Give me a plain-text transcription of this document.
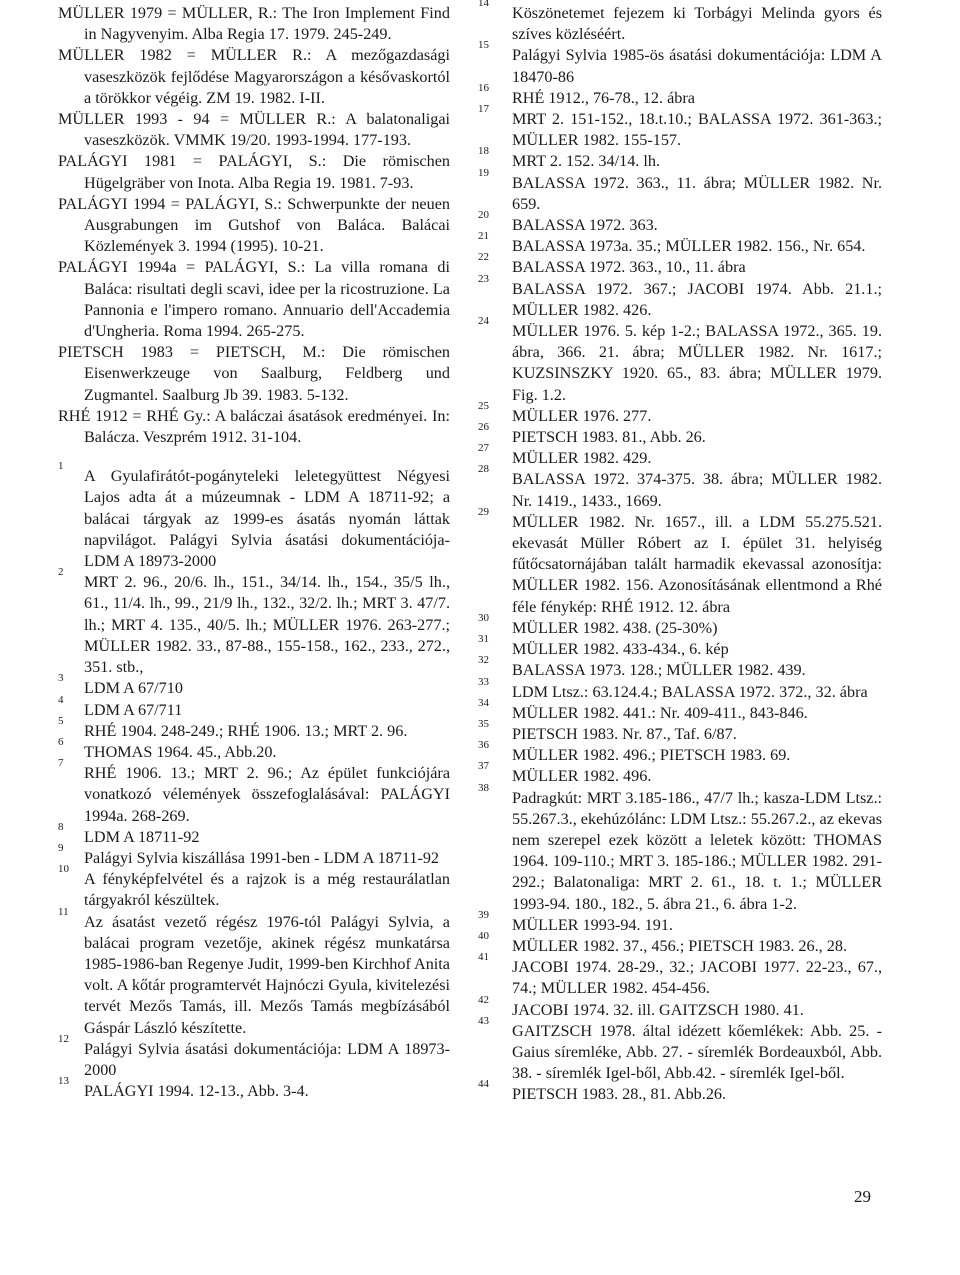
MÜLLER 1979 = MÜLLER, R.: The Iron Implement Find in Nagyvenyim. Alba Regia 17. 1979. 245-249.
MÜLLER 1982 = MÜLLER R.: A mezőgazdasági vaseszközök fejlődése Magyarországon a késővaskortól a törökkor végéig. ZM 19. 1982. I-II.
MÜLLER 1993 - 94 = MÜLLER R.: A balatonaligai vaseszközök. VMMK 19/20. 1993-1994. 177-193.
PALÁGYI 1981 = PALÁGYI, S.: Die römischen Hügelgräber von Inota. Alba Regia 19. 1981. 7-93.
PALÁGYI 1994 = PALÁGYI, S.: Schwerpunkte der neuen Ausgrabungen im Gutshof von Baláca. Balácai Közlemények 3. 1994 (1995). 10-21.
PALÁGYI 1994a = PALÁGYI, S.: La villa romana di Baláca: risultati degli scavi, idee per la ricostruzione. La Pannonia e l'impero romano. Annuario dell'Accademia d'Ungheria. Roma 1994. 265-275.
PIETSCH 1983 = PIETSCH, M.: Die römischen Eisenwerkzeuge von Saalburg, Feldberg und Zugmantel. Saalburg Jb 39. 1983. 5-132.
RHÉ 1912 = RHÉ Gy.: A baláczai ásatások eredményei. In: Balácza. Veszprém 1912. 31-104.
1
A Gyulafirátót-pogányteleki leletegyüttest Négyesi Lajos adta át a múzeumnak - LDM A 18711-92; a balácai tárgyak az 1999-es ásatás nyomán láttak napvilágot. Palágyi Sylvia ásatási dokumentációja-LDM A 18973-2000
2
MRT 2. 96., 20/6. lh., 151., 34/14. lh., 154., 35/5 lh., 61., 11/4. lh., 99., 21/9 lh., 132., 32/2. lh.; MRT 3. 47/7. lh.; MRT 4. 135., 40/5. lh.; MÜLLER 1976. 263-277.; MÜLLER 1982. 33., 87-88., 155-158., 162., 233., 272., 351. stb.,
3
LDM A 67/710
4
LDM A 67/711
5
RHÉ 1904. 248-249.; RHÉ 1906. 13.; MRT 2. 96.
6
THOMAS 1964. 45., Abb.20.
7
RHÉ 1906. 13.; MRT 2. 96.; Az épület funkciójára vonatkozó vélemények összefoglalásával: PALÁGYI 1994a. 268-269.
8
LDM A 18711-92
9
Palágyi Sylvia kiszállása 1991-ben - LDM A 18711-92
10
A fényképfelvétel és a rajzok is a még restaurálatlan tárgyakról készültek.
11
Az ásatást vezető régész 1976-tól Palágyi Sylvia, a balácai program vezetője, akinek régész munkatársa 1985-1986-ban Regenye Judit, 1999-ben Kirchhof Anita volt. A kőtár programtervét Hajnóczi Gyula, kivitelezési tervét Mezős Tamás, ill. Mezős Tamás megbízásából Gáspár László készítette.
12
Palágyi Sylvia ásatási dokumentációja: LDM A 18973-2000
13
PALÁGYI 1994. 12-13., Abb. 3-4.
14
Köszönetemet fejezem ki Torbágyi Melinda gyors és szíves közléséért.
15
Palágyi Sylvia 1985-ös ásatási dokumentációja: LDM A 18470-86
16
RHÉ 1912., 76-78., 12. ábra
17
MRT 2. 151-152., 18.t.10.; BALASSA 1972. 361-363.; MÜLLER 1982. 155-157.
18
MRT 2. 152. 34/14. lh.
19
BALASSA 1972. 363., 11. ábra; MÜLLER 1982. Nr. 659.
20
BALASSA 1972. 363.
21
BALASSA 1973a. 35.; MÜLLER 1982. 156., Nr. 654.
22
BALASSA 1972. 363., 10., 11. ábra
23
BALASSA 1972. 367.; JACOBI 1974. Abb. 21.1.; MÜLLER 1982. 426.
24
MÜLLER 1976. 5. kép 1-2.; BALASSA 1972., 365. 19. ábra, 366. 21. ábra; MÜLLER 1982. Nr. 1617.; KUZSINSZKY 1920. 65., 83. ábra; MÜLLER 1979. Fig. 1.2.
25
MÜLLER 1976. 277.
26
PIETSCH 1983. 81., Abb. 26.
27
MÜLLER 1982. 429.
28
BALASSA 1972. 374-375. 38. ábra; MÜLLER 1982. Nr. 1419., 1433., 1669.
29
MÜLLER 1982. Nr. 1657., ill. a LDM 55.275.521. ekevasát Müller Róbert az I. épület 31. helyiség fűtőcsatornájában talált harmadik ekevassal azonosítja: MÜLLER 1982. 156. Azonosításának ellentmond a Rhé féle fénykép: RHÉ 1912. 12. ábra
30
MÜLLER 1982. 438. (25-30%)
31
MÜLLER 1982. 433-434., 6. kép
32
BALASSA 1973. 128.; MÜLLER 1982. 439.
33
LDM Ltsz.: 63.124.4.; BALASSA 1972. 372., 32. ábra
34
MÜLLER 1982. 441.: Nr. 409-411., 843-846.
35
PIETSCH 1983. Nr. 87., Taf. 6/87.
36
MÜLLER 1982. 496.; PIETSCH 1983. 69.
37
MÜLLER 1982. 496.
38
Padragkút: MRT 3.185-186., 47/7 lh.; kasza-LDM Ltsz.: 55.267.3., ekehúzólánc: LDM Ltsz.: 55.267.2., az ekevas nem szerepel ezek között a leletek között: THOMAS 1964. 109-110.; MRT 3. 185-186.; MÜLLER 1982. 291-292.; Balatonaliga: MRT 2. 61., 18. t. 1.; MÜLLER 1993-94. 180., 182., 5. ábra 21., 6. ábra 1-2.
39
MÜLLER 1993-94. 191.
40
MÜLLER 1982. 37., 456.; PIETSCH 1983. 26., 28.
41
JACOBI 1974. 28-29., 32.; JACOBI 1977. 22-23., 67., 74.; MÜLLER 1982. 454-456.
42
JACOBI 1974. 32. ill. GAITZSCH 1980. 41.
43
GAITZSCH 1978. által idézett kőemlékek: Abb. 25. - Gaius síremléke, Abb. 27. - síremlék Bordeauxból, Abb. 38. - síremlék Igel-ből, Abb.42. - síremlék Igel-ből.
44
PIETSCH 1983. 28., 81. Abb.26.
29
